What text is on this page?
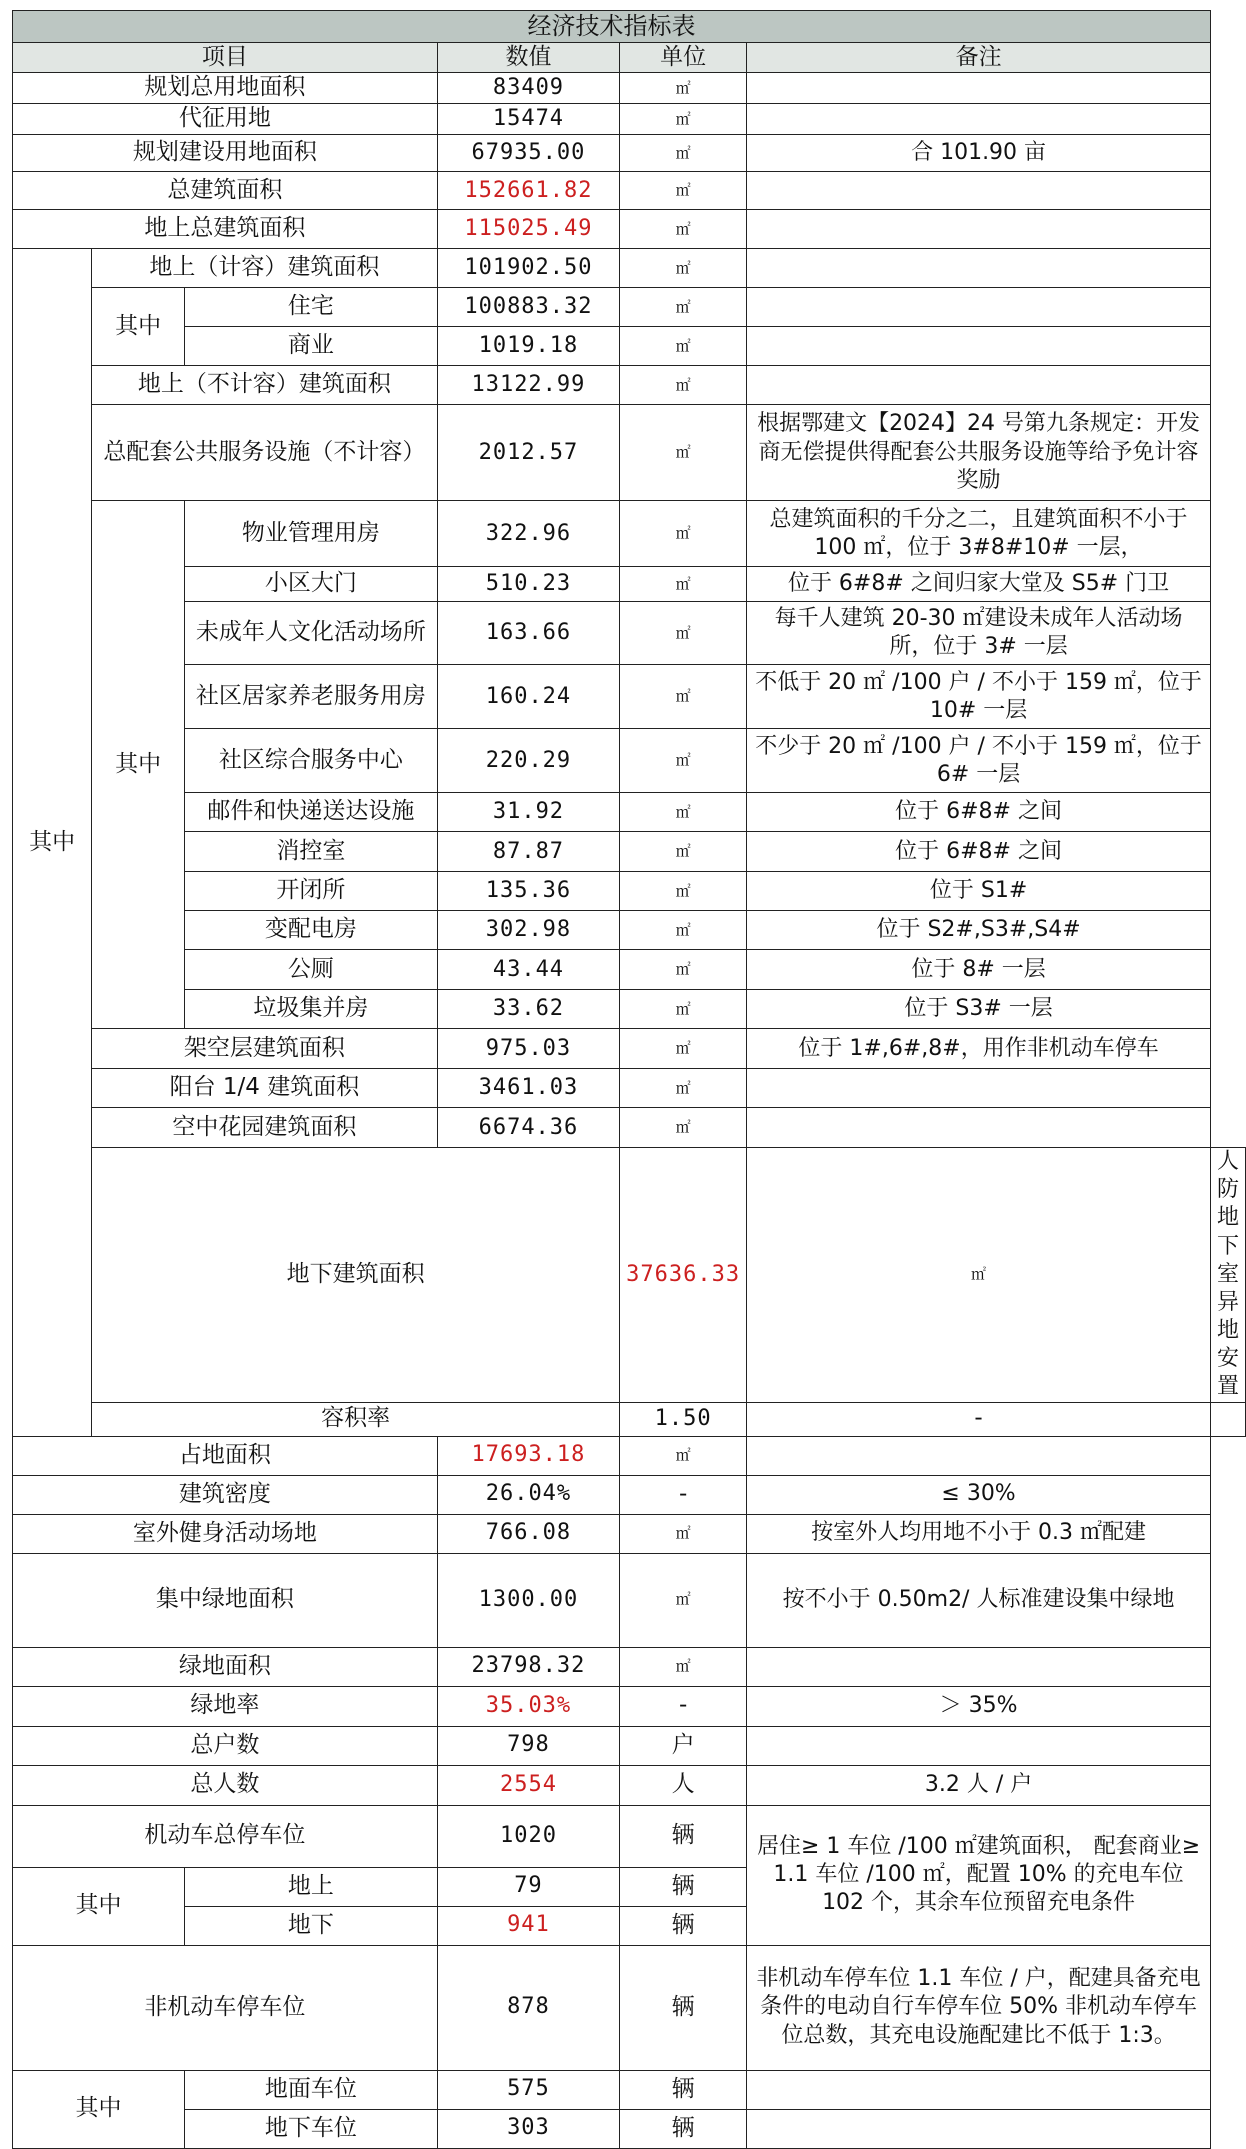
经济技术指标表						
项目			数值	单位	备注	
规划总用地面积			83409	㎡		
代征用地			15474	㎡		
规划建设用地面积			67935.00	㎡	合 101.90 亩	
总建筑面积			152661.82	㎡		
地上总建筑面积			115025.49	㎡		
其中	地上（计容）建筑面积		101902.50	㎡		
	其中	住宅	100883.32	㎡		
		商业	1019.18	㎡		
	地上（不计容）建筑面积		13122.99	㎡		
	总配套公共服务设施（不计容）		2012.57	㎡	根据鄂建文【2024】24 号第九条规定：开发商无偿提供得配套公共服务设施等给予免计容奖励	
	其中	物业管理用房	322.96	㎡	总建筑面积的千分之二，且建筑面积不小于 100 ㎡，位于 3#8#10# 一层，	
		小区大门	510.23	㎡	位于 6#8# 之间归家大堂及 S5# 门卫	
		未成年人文化活动场所	163.66	㎡	每千人建筑 20-30 ㎡建设未成年人活动场所，位于 3# 一层	
		社区居家养老服务用房	160.24	㎡	不低于 20 ㎡ /100 户 / 不小于 159 ㎡，位于 10# 一层	
		社区综合服务中心	220.29	㎡	不少于 20 ㎡ /100 户 / 不小于 159 ㎡，位于 6# 一层	
		邮件和快递送达设施	31.92	㎡	位于 6#8# 之间	
		消控室	87.87	㎡	位于 6#8# 之间	
		开闭所	135.36	㎡	位于 S1#	
		变配电房	302.98	㎡	位于 S2#,S3#,S4#	
		公厕	43.44	㎡	位于 8# 一层	
		垃圾集并房	33.62	㎡	位于 S3# 一层	
	架空层建筑面积		975.03	㎡	位于 1#,6#,8#，用作非机动车停车	
	阳台 1/4 建筑面积		3461.03	㎡		
	空中花园建筑面积		6674.36	㎡		
	地下建筑面积			37636.33	㎡	人防地下室异地安置
	容积率			1.50	-	
占地面积			17693.18	㎡		
建筑密度			26.04%	-	≤ 30%	
室外健身活动场地			766.08	㎡	按室外人均用地不小于 0.3 ㎡配建	
集中绿地面积			1300.00	㎡	按不小于 0.50m2/ 人标准建设集中绿地	
绿地面积			23798.32	㎡		
绿地率			35.03%	-	＞ 35%	
总户数			798	户		
总人数			2554	人	3.2 人 / 户	
机动车总停车位			1020	辆	居住≥ 1 车位 /100 ㎡建筑面积， 配套商业≥ 1.1 车位 /100 ㎡，配置 10% 的充电车位 102 个，其余车位预留充电条件	
其中		地上	79	辆		
		地下	941	辆		
非机动车停车位			878	辆	非机动车停车位 1.1 车位 / 户，配建具备充电条件的电动自行车停车位 50% 非机动车停车位总数，其充电设施配建比不低于 1:3。	
其中		地面车位	575	辆		
		地下车位	303	辆		
